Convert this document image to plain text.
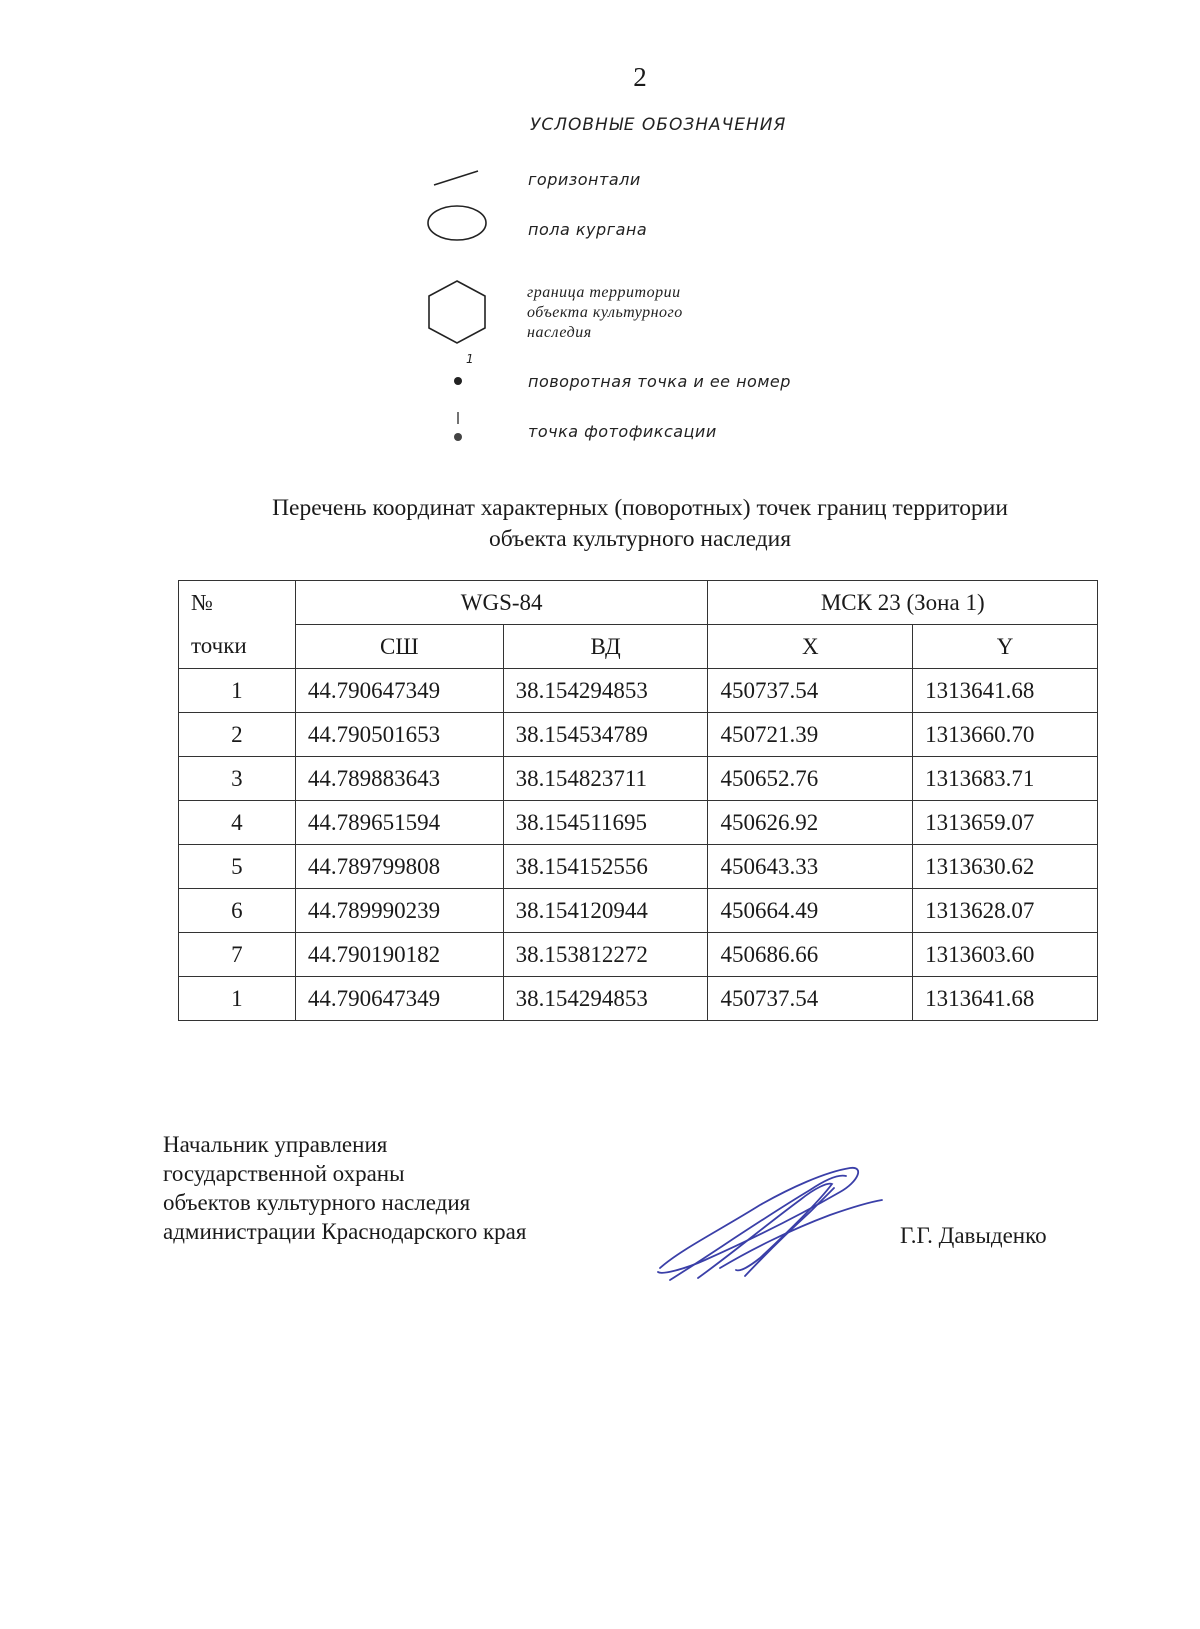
2
УСЛОВНЫЕ ОБОЗНАЧЕНИЯ
горизонтали
пола кургана
граница территории
объекта культурного
наследия
1
поворотная точка и ее номер
точка фотофиксации
Перечень координат характерных (поворотных) точек границ территории
объекта культурного наследия
№	WGS-84		МСК 23 (Зона 1)	
точки	СШ	ВД	X	Y
1	44.790647349	38.154294853	450737.54	1313641.68
2	44.790501653	38.154534789	450721.39	1313660.70
3	44.789883643	38.154823711	450652.76	1313683.71
4	44.789651594	38.154511695	450626.92	1313659.07
5	44.789799808	38.154152556	450643.33	1313630.62
6	44.789990239	38.154120944	450664.49	1313628.07
7	44.790190182	38.153812272	450686.66	1313603.60
1	44.790647349	38.154294853	450737.54	1313641.68
Начальник управления
государственной охраны
объектов культурного наследия
администрации Краснодарского края	Г.Г. Давыденко
